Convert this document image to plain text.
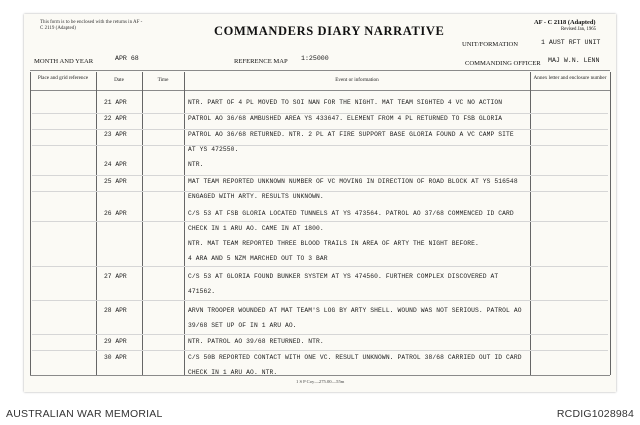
This form is to be enclosed with the returns in AF - C 2119 (Adapted)	COMMANDERS DIARY NARRATIVE
AF - C 2118 (Adapted)
Revised Jan, 1965
UNIT/FORMATION	1 AUST RFT UNIT
MONTH AND YEAR	APR 68	REFERENCE MAP 1:25000
COMMANDING OFFICER MAJ W.N. LENN
Place and grid reference	Date	Time	Event or information	Annex letter and enclosure number
21 APR	NTR. PART OF 4 PL MOVED TO SOI NAN FOR THE NIGHT. MAT TEAM SIGHTED 4 VC NO ACTION
22 APR	PATROL AO 36/68 AMBUSHED AREA YS 433647. ELEMENT FROM 4 PL RETURNED TO FSB GLORIA
23 APR	PATROL AO 36/68 RETURNED. NTR. 2 PL AT FIRE SUPPORT BASE GLORIA FOUND A VC CAMP SITE
AT YS 472550.
24 APR	NTR.
25 APR	MAT TEAM REPORTED UNKNOWN NUMBER OF VC MOVING IN DIRECTION OF ROAD BLOCK AT YS 516548
ENGAGED WITH ARTY. RESULTS UNKNOWN.
26 APR	C/S 53 AT FSB GLORIA LOCATED TUNNELS AT YS 473564. PATROL AO 37/68 COMMENCED ID CARD
CHECK IN 1 ARU AO. CAME IN AT 1800.
NTR. MAT TEAM REPORTED THREE BLOOD TRAILS IN AREA OF ARTY THE NIGHT BEFORE.
4 ARA AND 5 NZM MARCHED OUT TO 3 BAR
27 APR	C/S 53 AT GLORIA FOUND BUNKER SYSTEM AT YS 474560. FURTHER COMPLEX DISCOVERED AT
471562.
28 APR	ARVN TROOPER WOUNDED AT MAT TEAM'S LOG BY ARTY SHELL. WOUND WAS NOT SERIOUS. PATROL AO
39/68 SET UP OF IN 1 ARU AO.
29 APR	NTR. PATROL AO 39/68 RETURNED. NTR.
30 APR	C/S 50B REPORTED CONTACT WITH ONE VC. RESULT UNKNOWN. PATROL 38/68 CARRIED OUT ID CARD
CHECK IN 1 ARU AO. NTR.
1 S P Coy—275.00—55m
AUSTRALIAN WAR MEMORIAL	RCDIG1028984
